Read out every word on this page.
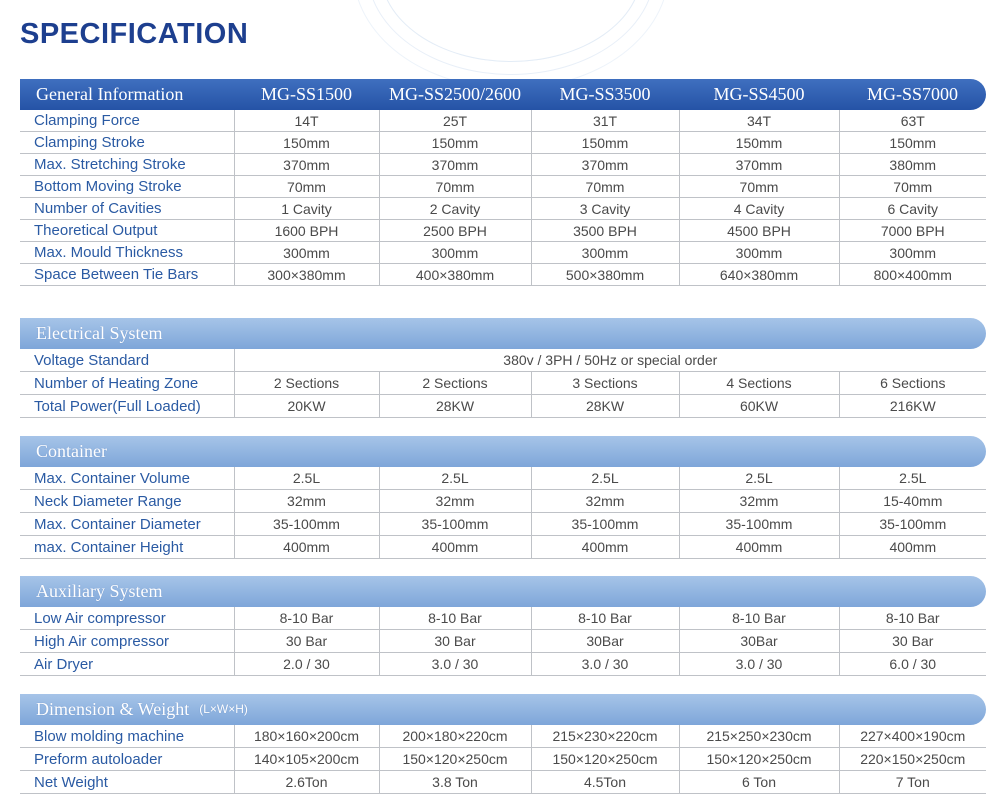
SPECIFICATION
General Information	MG-SS1500	MG-SS2500/2600	MG-SS3500	MG-SS4500	MG-SS7000
Clamping Force	14T	25T	31T	34T	63T
Clamping Stroke	150mm	150mm	150mm	150mm	150mm
Max. Stretching Stroke	370mm	370mm	370mm	370mm	380mm
Bottom Moving Stroke	70mm	70mm	70mm	70mm	70mm
Number of Cavities	1 Cavity	2 Cavity	3 Cavity	4 Cavity	6 Cavity
Theoretical Output	1600 BPH	2500 BPH	3500 BPH	4500 BPH	7000 BPH
Max. Mould Thickness	300mm	300mm	300mm	300mm	300mm
Space Between Tie Bars	300×380mm	400×380mm	500×380mm	640×380mm	800×400mm
Electrical System					
Voltage Standard	380v / 3PH / 50Hz or special order				
Number of Heating Zone	2 Sections	2 Sections	3 Sections	4 Sections	6 Sections
Total Power(Full Loaded)	20KW	28KW	28KW	60KW	216KW
Container					
Max. Container Volume	2.5L	2.5L	2.5L	2.5L	2.5L
Neck Diameter Range	32mm	32mm	32mm	32mm	15-40mm
Max. Container Diameter	35-100mm	35-100mm	35-100mm	35-100mm	35-100mm
max. Container Height	400mm	400mm	400mm	400mm	400mm
Auxiliary System					
Low Air compressor	8-10 Bar	8-10 Bar	8-10 Bar	8-10 Bar	8-10 Bar
High Air compressor	30 Bar	30 Bar	30Bar	30Bar	30 Bar
Air Dryer	2.0 / 30	3.0 / 30	3.0 / 30	3.0 / 30	6.0 / 30
Dimension & Weight (L×W×H)					
Blow molding machine	180×160×200cm	200×180×220cm	215×230×220cm	215×250×230cm	227×400×190cm
Preform autoloader	140×105×200cm	150×120×250cm	150×120×250cm	150×120×250cm	220×150×250cm
Net Weight	2.6Ton	3.8 Ton	4.5Ton	6 Ton	7 Ton
